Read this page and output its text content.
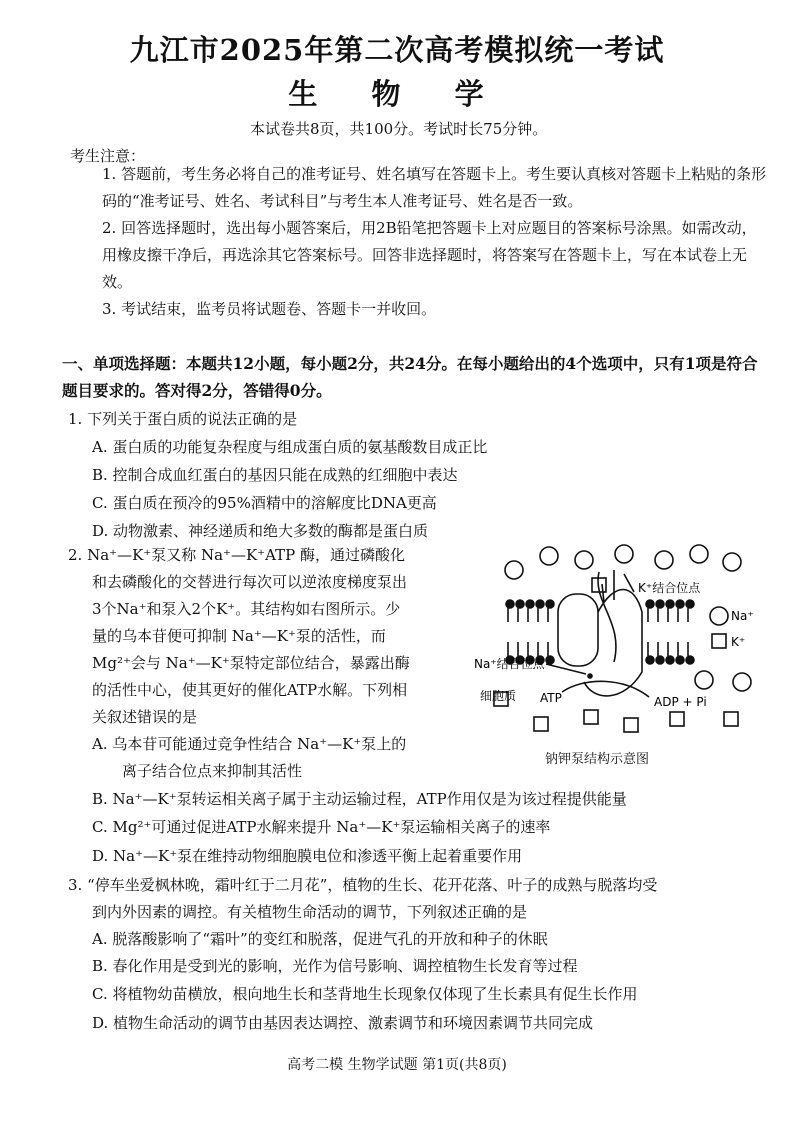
九江市2025年第二次高考模拟统一考试
生 物 学
本试卷共8页，共100分。考试时长75分钟。
考生注意：
1. 答题前，考生务必将自己的准考证号、姓名填写在答题卡上。考生要认真核对答题卡上粘贴的条形码的“准考证号、姓名、考试科目”与考生本人准考证号、姓名是否一致。
2. 回答选择题时，选出每小题答案后，用2B铅笔把答题卡上对应题目的答案标号涂黑。如需改动，用橡皮擦干净后，再选涂其它答案标号。回答非选择题时，将答案写在答题卡上，写在本试卷上无效。
3. 考试结束，监考员将试题卷、答题卡一并收回。
一、单项选择题：本题共12小题，每小题2分，共24分。在每小题给出的4个选项中，只有1项是符合题目要求的。答对得2分，答错得0分。
1. 下列关于蛋白质的说法正确的是
A. 蛋白质的功能复杂程度与组成蛋白质的氨基酸数目成正比
B. 控制合成血红蛋白的基因只能在成熟的红细胞中表达
C. 蛋白质在预冷的95%酒精中的溶解度比DNA更高
D. 动物激素、神经递质和绝大多数的酶都是蛋白质
2. Na⁺—K⁺泵又称 Na⁺—K⁺ATP 酶，通过磷酸化
和去磷酸化的交替进行每次可以逆浓度梯度泵出
3个Na⁺和泵入2个K⁺。其结构如右图所示。少
量的乌本苷便可抑制 Na⁺—K⁺泵的活性，而
Mg²⁺会与 Na⁺—K⁺泵特定部位结合，暴露出酶
的活性中心，使其更好的催化ATP水解。下列相
关叙述错误的是
A. 乌本苷可能通过竞争性结合 Na⁺—K⁺泵上的
离子结合位点来抑制其活性
B. Na⁺—K⁺泵转运相关离子属于主动运输过程，ATP作用仅是为该过程提供能量
C. Mg²⁺可通过促进ATP水解来提升 Na⁺—K⁺泵运输相关离子的速率
D. Na⁺—K⁺泵在维持动物细胞膜电位和渗透平衡上起着重要作用
K⁺结合位点
Na⁺结合位点
细胞质 ATP	ADP + Pi
Na⁺
K⁺
钠钾泵结构示意图
3. “停车坐爱枫林晚，霜叶红于二月花”，植物的生长、花开花落、叶子的成熟与脱落均受
到内外因素的调控。有关植物生命活动的调节，下列叙述正确的是
A. 脱落酸影响了“霜叶”的变红和脱落，促进气孔的开放和种子的休眠
B. 春化作用是受到光的影响，光作为信号影响、调控植物生长发育等过程
C. 将植物幼苗横放，根向地生长和茎背地生长现象仅体现了生长素具有促生长作用
D. 植物生命活动的调节由基因表达调控、激素调节和环境因素调节共同完成
高考二模 生物学试题 第1页(共8页)
